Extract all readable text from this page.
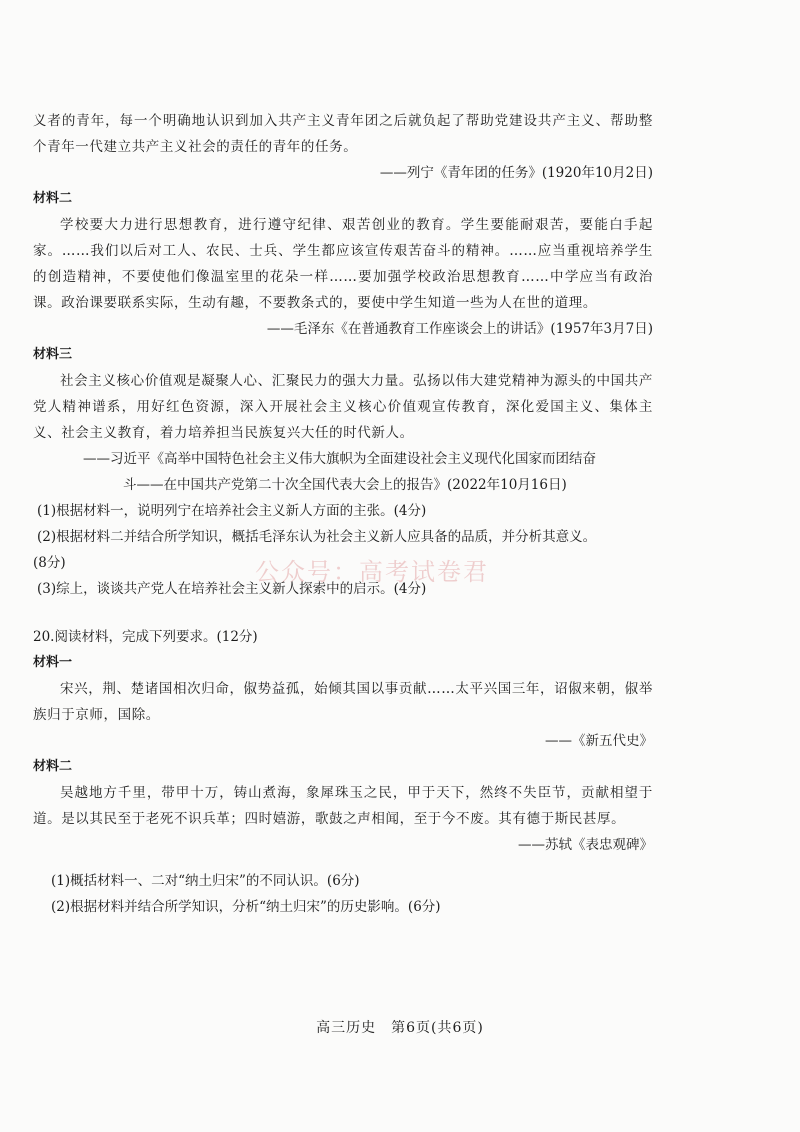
义者的青年，每一个明确地认识到加入共产主义青年团之后就负起了帮助党建设共产主义、帮助整个青年一代建立共产主义社会的责任的青年的任务。

——列宁《青年团的任务》(1920年10月2日)

材料二

学校要大力进行思想教育，进行遵守纪律、艰苦创业的教育。学生要能耐艰苦，要能白手起家。……我们以后对工人、农民、士兵、学生都应该宣传艰苦奋斗的精神。……应当重视培养学生的创造精神，不要使他们像温室里的花朵一样……要加强学校政治思想教育……中学应当有政治课。政治课要联系实际，生动有趣，不要教条式的，要使中学生知道一些为人在世的道理。

——毛泽东《在普通教育工作座谈会上的讲话》(1957年3月7日)

材料三

社会主义核心价值观是凝聚人心、汇聚民力的强大力量。弘扬以伟大建党精神为源头的中国共产党人精神谱系，用好红色资源，深入开展社会主义核心价值观宣传教育，深化爱国主义、集体主义、社会主义教育，着力培养担当民族复兴大任的时代新人。

——习近平《高举中国特色社会主义伟大旗帜为全面建设社会主义现代化国家而团结奋

斗——在中国共产党第二十次全国代表大会上的报告》(2022年10月16日)

(1)根据材料一，说明列宁在培养社会主义新人方面的主张。(4分)

(2)根据材料二并结合所学知识，概括毛泽东认为社会主义新人应具备的品质，并分析其意义。

(8分)

(3)综上，谈谈共产党人在培养社会主义新人探索中的启示。(4分)

20.阅读材料，完成下列要求。(12分)

材料一

宋兴，荆、楚诸国相次归命，俶势益孤，始倾其国以事贡献……太平兴国三年，诏俶来朝，俶举族归于京师，国除。

——《新五代史》

材料二

吴越地方千里，带甲十万，铸山煮海，象犀珠玉之民，甲于天下，然终不失臣节，贡献相望于道。是以其民至于老死不识兵革；四时嬉游，歌鼓之声相闻，至于今不废。其有德于斯民甚厚。

——苏轼《表忠观碑》

(1)概括材料一、二对“纳土归宋”的不同认识。(6分)

(2)根据材料并结合所学知识，分析“纳土归宋”的历史影响。(6分)

公众号：高考试卷君
高三历史　第6页(共6页)
